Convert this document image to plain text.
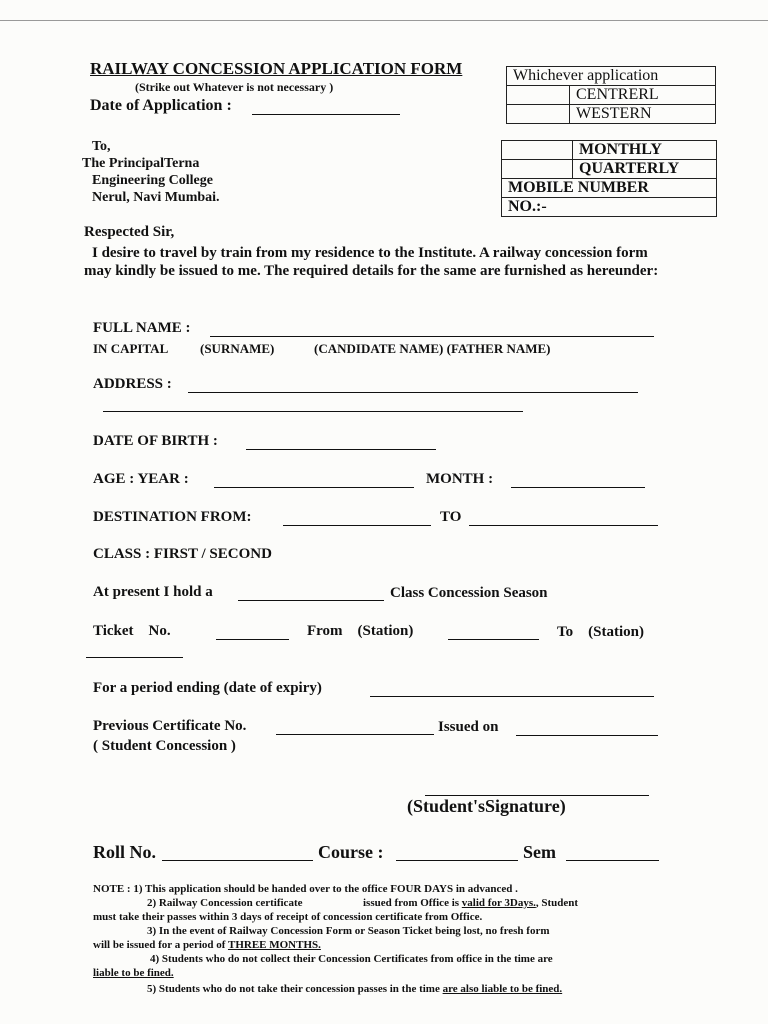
RAILWAY CONCESSION APPLICATION FORM
(Strike out Whatever is not necessary )
Date of Application :
Whichever application	
	CENTRERL
	WESTERN
	MONTHLY
	QUARTERLY
MOBILE NUMBER	
NO.:-	
To,
The PrincipalTerna
Engineering College
Nerul, Navi Mumbai.
Respected Sir,
I desire to travel by train from my residence to the Institute. A railway concession form may kindly be issued to me. The required details for the same are furnished as hereunder:
FULL NAME :
IN CAPITAL (SURNAME)	(CANDIDATE NAME) (FATHER NAME)
ADDRESS :
DATE OF BIRTH :
AGE : YEAR :	MONTH :
DESTINATION FROM:	TO
CLASS : FIRST / SECOND
At present I hold a	Class Concession Season
Ticket    No.	From    (Station)	To    (Station)
For a period ending (date of expiry)
Previous Certificate No.	Issued on
( Student Concession )
(Student'sSignature)
Roll No.	Course :	Sem
NOTE : 1) This application should be handed over to the office FOUR DAYS in advanced .
2) Railway Concession certificate	issued from Office is valid for 3Days., Student
must take their passes within 3 days of receipt of concession certificate from Office.
3) In the event of Railway Concession Form or Season Ticket being lost, no fresh form
will be issued for a period of THREE MONTHS.
4) Students who do not collect their Concession Certificates from office in the time are
liable to be fined.
5) Students who do not take their concession passes in the time are also liable to be fined.
